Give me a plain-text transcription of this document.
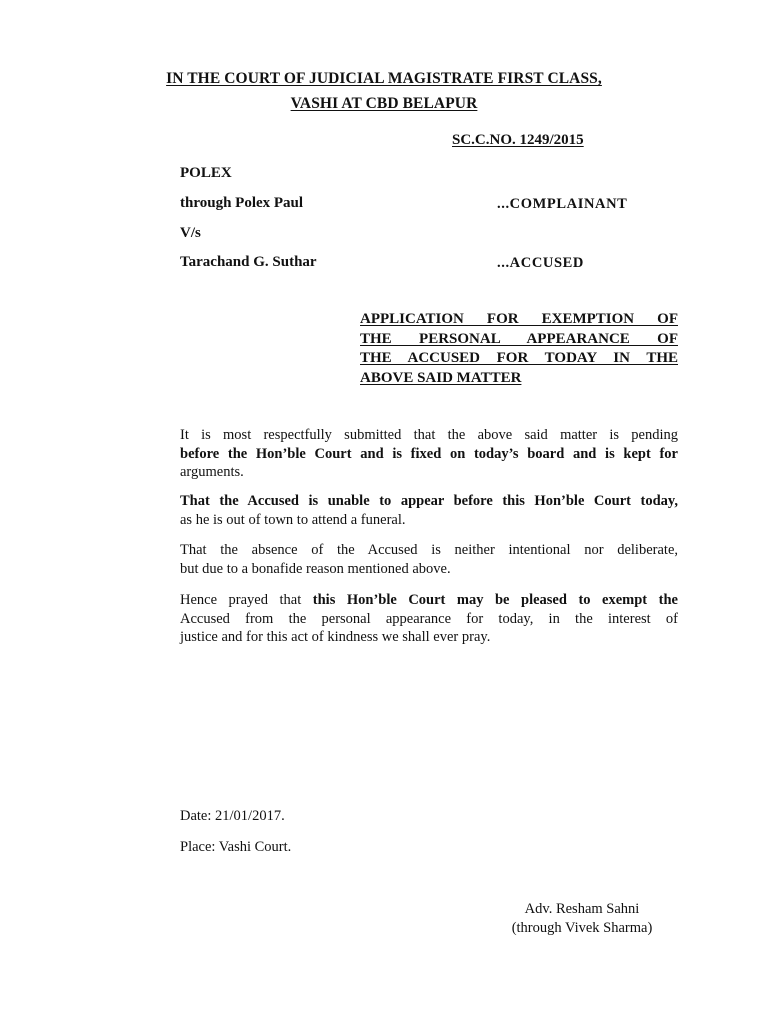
IN THE COURT OF JUDICIAL MAGISTRATE FIRST CLASS,

VASHI AT CBD BELAPUR

SC.C.NO. 1249/2015

POLEX

through Polex Paul	...COMPLAINANT

V/s

Tarachand G. Suthar	...ACCUSED

APPLICATION FOR EXEMPTION OF
THE PERSONAL APPEARANCE OF
THE ACCUSED FOR TODAY IN THE
ABOVE SAID MATTER
It is most respectfully submitted that the above said matter is pending
before the Hon’ble Court and is fixed on today’s board and is kept for
arguments.
That the Accused is unable to appear before this Hon’ble Court today,
as he is out of town to attend a funeral.
That the absence of the Accused is neither intentional nor deliberate,
but due to a bonafide reason mentioned above.
Hence prayed that this Hon’ble Court may be pleased to exempt the
Accused from the personal appearance for today, in the interest of
justice and for this act of kindness we shall ever pray.

Date: 21/01/2017.

Place: Vashi Court.

Adv. Resham Sahni
(through Vivek Sharma)
